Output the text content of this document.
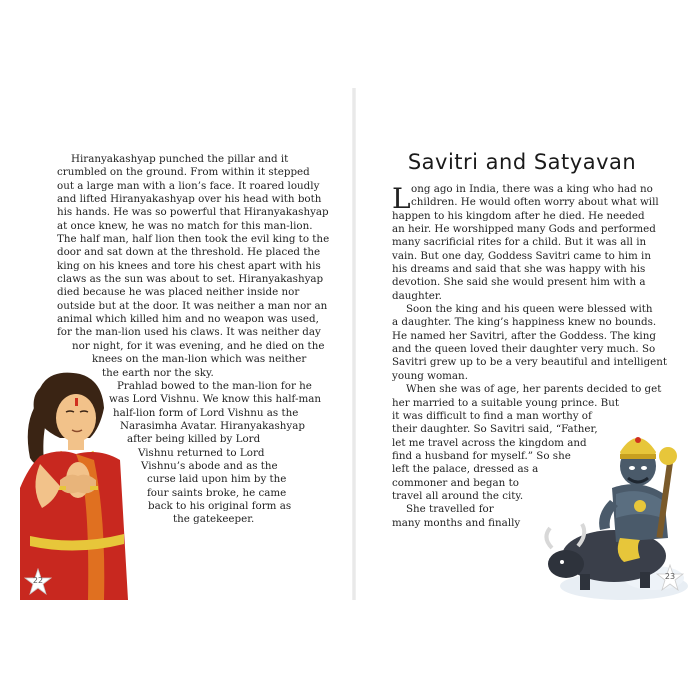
Hiranyakashyap punched the pillar and it
crumbled on the ground. From within it stepped
out a large man with a lion’s face. It roared loudly
and lifted Hiranyakashyap over his head with both
his hands. He was so powerful that Hiranyakashyap
at once knew, he was no match for this man-lion.
The half man, half lion then took the evil king to the
door and sat down at the threshold. He placed the
king on his knees and tore his chest apart with his
claws as the sun was about to set. Hiranyakashyap
died because he was placed neither inside nor
outside but at the door. It was neither a man nor an
animal which killed him and no weapon was used,
for the man-lion used his claws. It was neither day
nor night, for it was evening, and he died on the
knees on the man-lion which was neither
the earth nor the sky.
Prahlad bowed to the man-lion for he
was Lord Vishnu. We know this half-man
half-lion form of Lord Vishnu as the
Narasimha Avatar. Hiranyakashyap
after being killed by Lord
Vishnu returned to Lord
Vishnu’s abode and as the
curse laid upon him by the
four saints broke, he came
back to his original form as
the gatekeeper.
22
Savitri and Satyavan
L ong ago in India, there was a king who had no
children. He would often worry about what will
happen to his kingdom after he died. He needed
an heir. He worshipped many Gods and performed
many sacrificial rites for a child. But it was all in
vain. But one day, Goddess Savitri came to him in
his dreams and said that she was happy with his
devotion. She said she would present him with a
daughter.
Soon the king and his queen were blessed with
a daughter. The king’s happiness knew no bounds.
He named her Savitri, after the Goddess. The king
and the queen loved their daughter very much. So
Savitri grew up to be a very beautiful and intelligent
young woman.
When she was of age, her parents decided to get
her married to a suitable young prince. But
it was difficult to find a man worthy of
their daughter. So Savitri said, “Father,
let me travel across the kingdom and
find a husband for myself.” So she
left the palace, dressed as a
commoner and began to
travel all around the city.
She travelled for
many months and finally
23
